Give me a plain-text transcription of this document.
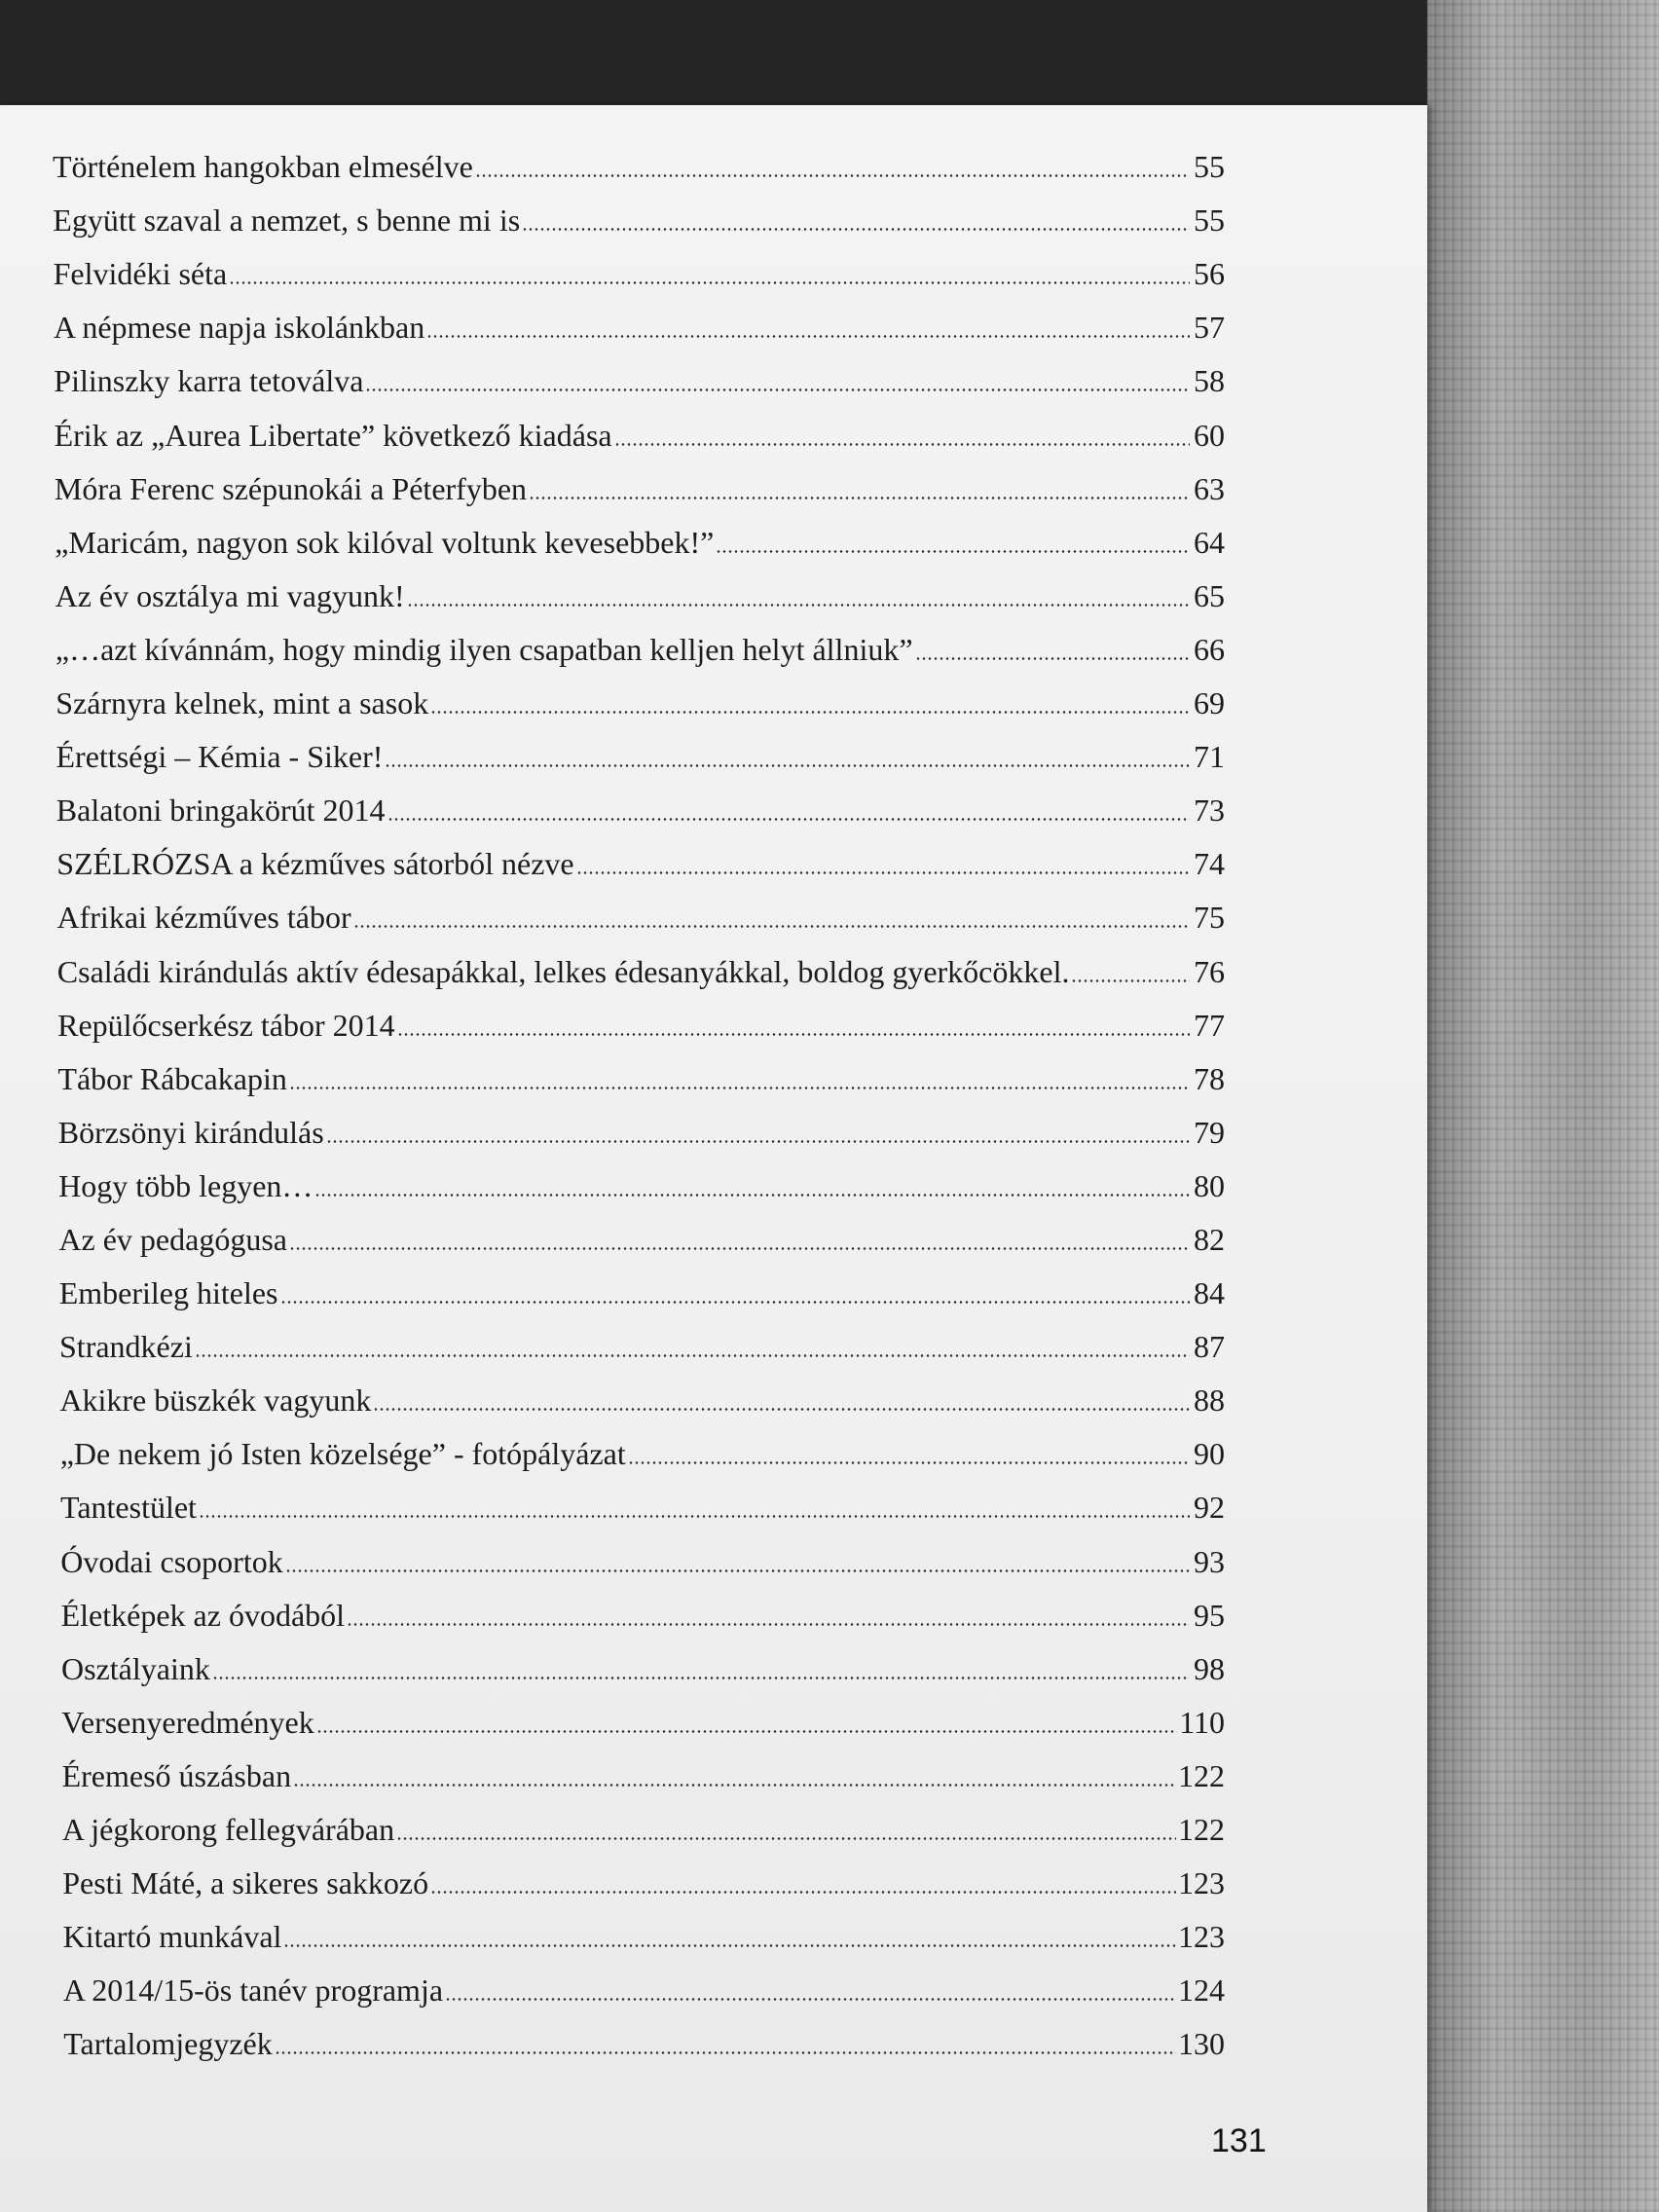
Történelem hangokban elmesélve	55
Együtt szaval a nemzet, s benne mi is	55
Felvidéki séta	56
A népmese napja iskolánkban	57
Pilinszky karra tetoválva	58
Érik az „Aurea Libertate” következő kiadása	60
Móra Ferenc szépunokái a Péterfyben	63
„Maricám, nagyon sok kilóval voltunk kevesebbek!”	64
Az év osztálya mi vagyunk!	65
„…azt kívánnám, hogy mindig ilyen csapatban kelljen helyt állniuk”	66
Szárnyra kelnek, mint a sasok	69
Érettségi – Kémia - Siker!	71
Balatoni bringakörút 2014	73
SZÉLRÓZSA a kézműves sátorból nézve	74
Afrikai kézműves tábor	75
Családi kirándulás aktív édesapákkal, lelkes édesanyákkal, boldog gyerkőcökkel.	76
Repülőcserkész tábor 2014	77
Tábor Rábcakapin	78
Börzsönyi kirándulás	79
Hogy több legyen…	80
Az év pedagógusa	82
Emberileg hiteles	84
Strandkézi	87
Akikre büszkék vagyunk	88
„De nekem jó Isten közelsége” - fotópályázat	90
Tantestület	92
Óvodai csoportok	93
Életképek az óvodából	95
Osztályaink	98
Versenyeredmények	110
Éremeső úszásban	122
A jégkorong fellegvárában	122
Pesti Máté, a sikeres sakkozó	123
Kitartó munkával	123
A 2014/15-ös tanév programja	124
Tartalomjegyzék	130
131
